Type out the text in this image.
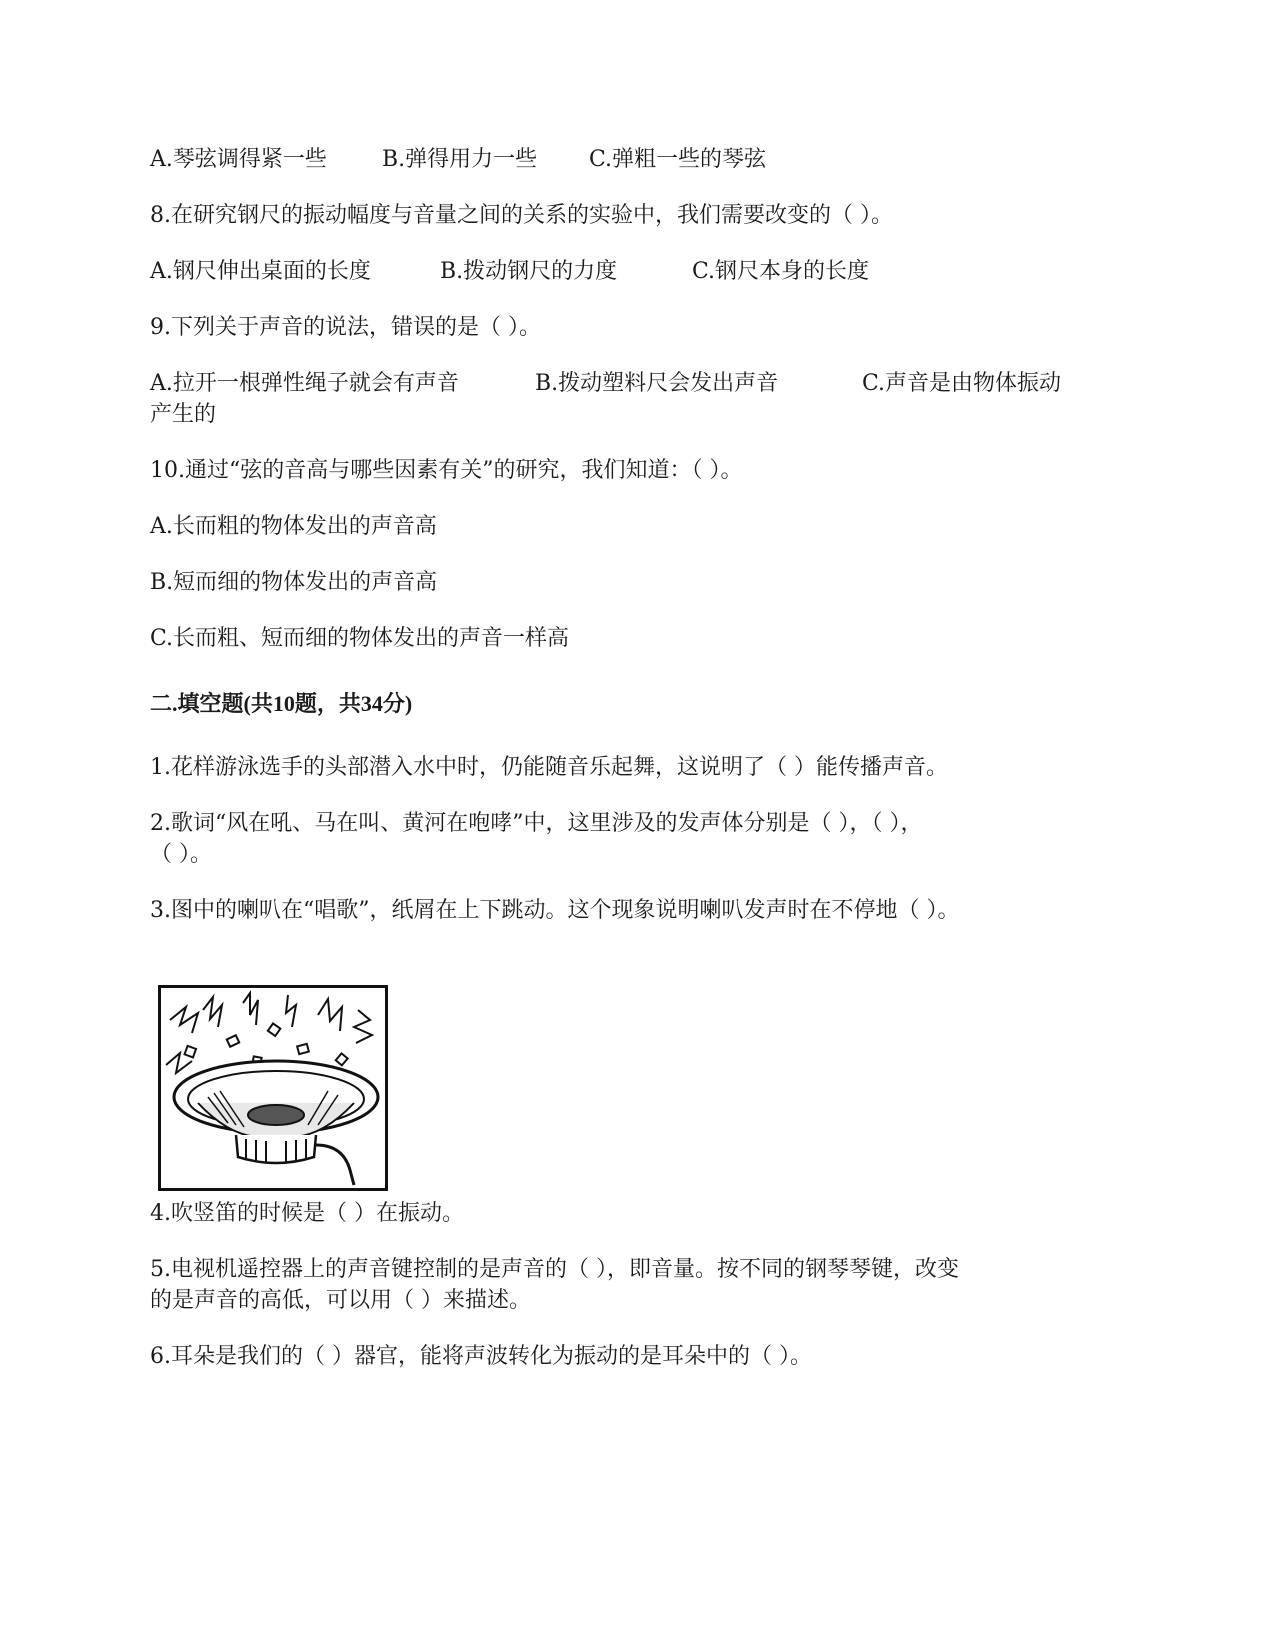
A.琴弦调得紧一些	B.弹得用力一些 C.弹粗一些的琴弦
8.在研究钢尺的振动幅度与音量之间的关系的实验中，我们需要改变的（ ）。
A.钢尺伸出桌面的长度	B.拨动钢尺的力度	C.钢尺本身的长度
9.下列关于声音的说法，错误的是（ ）。
A.拉开一根弹性绳子就会有声音	B.拨动塑料尺会发出声音	C.声音是由物体振动
产生的
10.通过“弦的音高与哪些因素有关”的研究，我们知道：（ ）。
A.长而粗的物体发出的声音高
B.短而细的物体发出的声音高
C.长而粗、短而细的物体发出的声音一样高
二.填空题(共10题，共34分)
1.花样游泳选手的头部潜入水中时，仍能随音乐起舞，这说明了（ ）能传播声音。
2.歌词“风在吼、马在叫、黄河在咆哮”中，这里涉及的发声体分别是（ ），（ ），
（ ）。
3.图中的喇叭在“唱歌”，纸屑在上下跳动。这个现象说明喇叭发声时在不停地（ ）。
4.吹竖笛的时候是（ ）在振动。
5.电视机遥控器上的声音键控制的是声音的（ ），即音量。按不同的钢琴琴键，改变
的是声音的高低，可以用（ ）来描述。
6.耳朵是我们的（ ）器官，能将声波转化为振动的是耳朵中的（ ）。
